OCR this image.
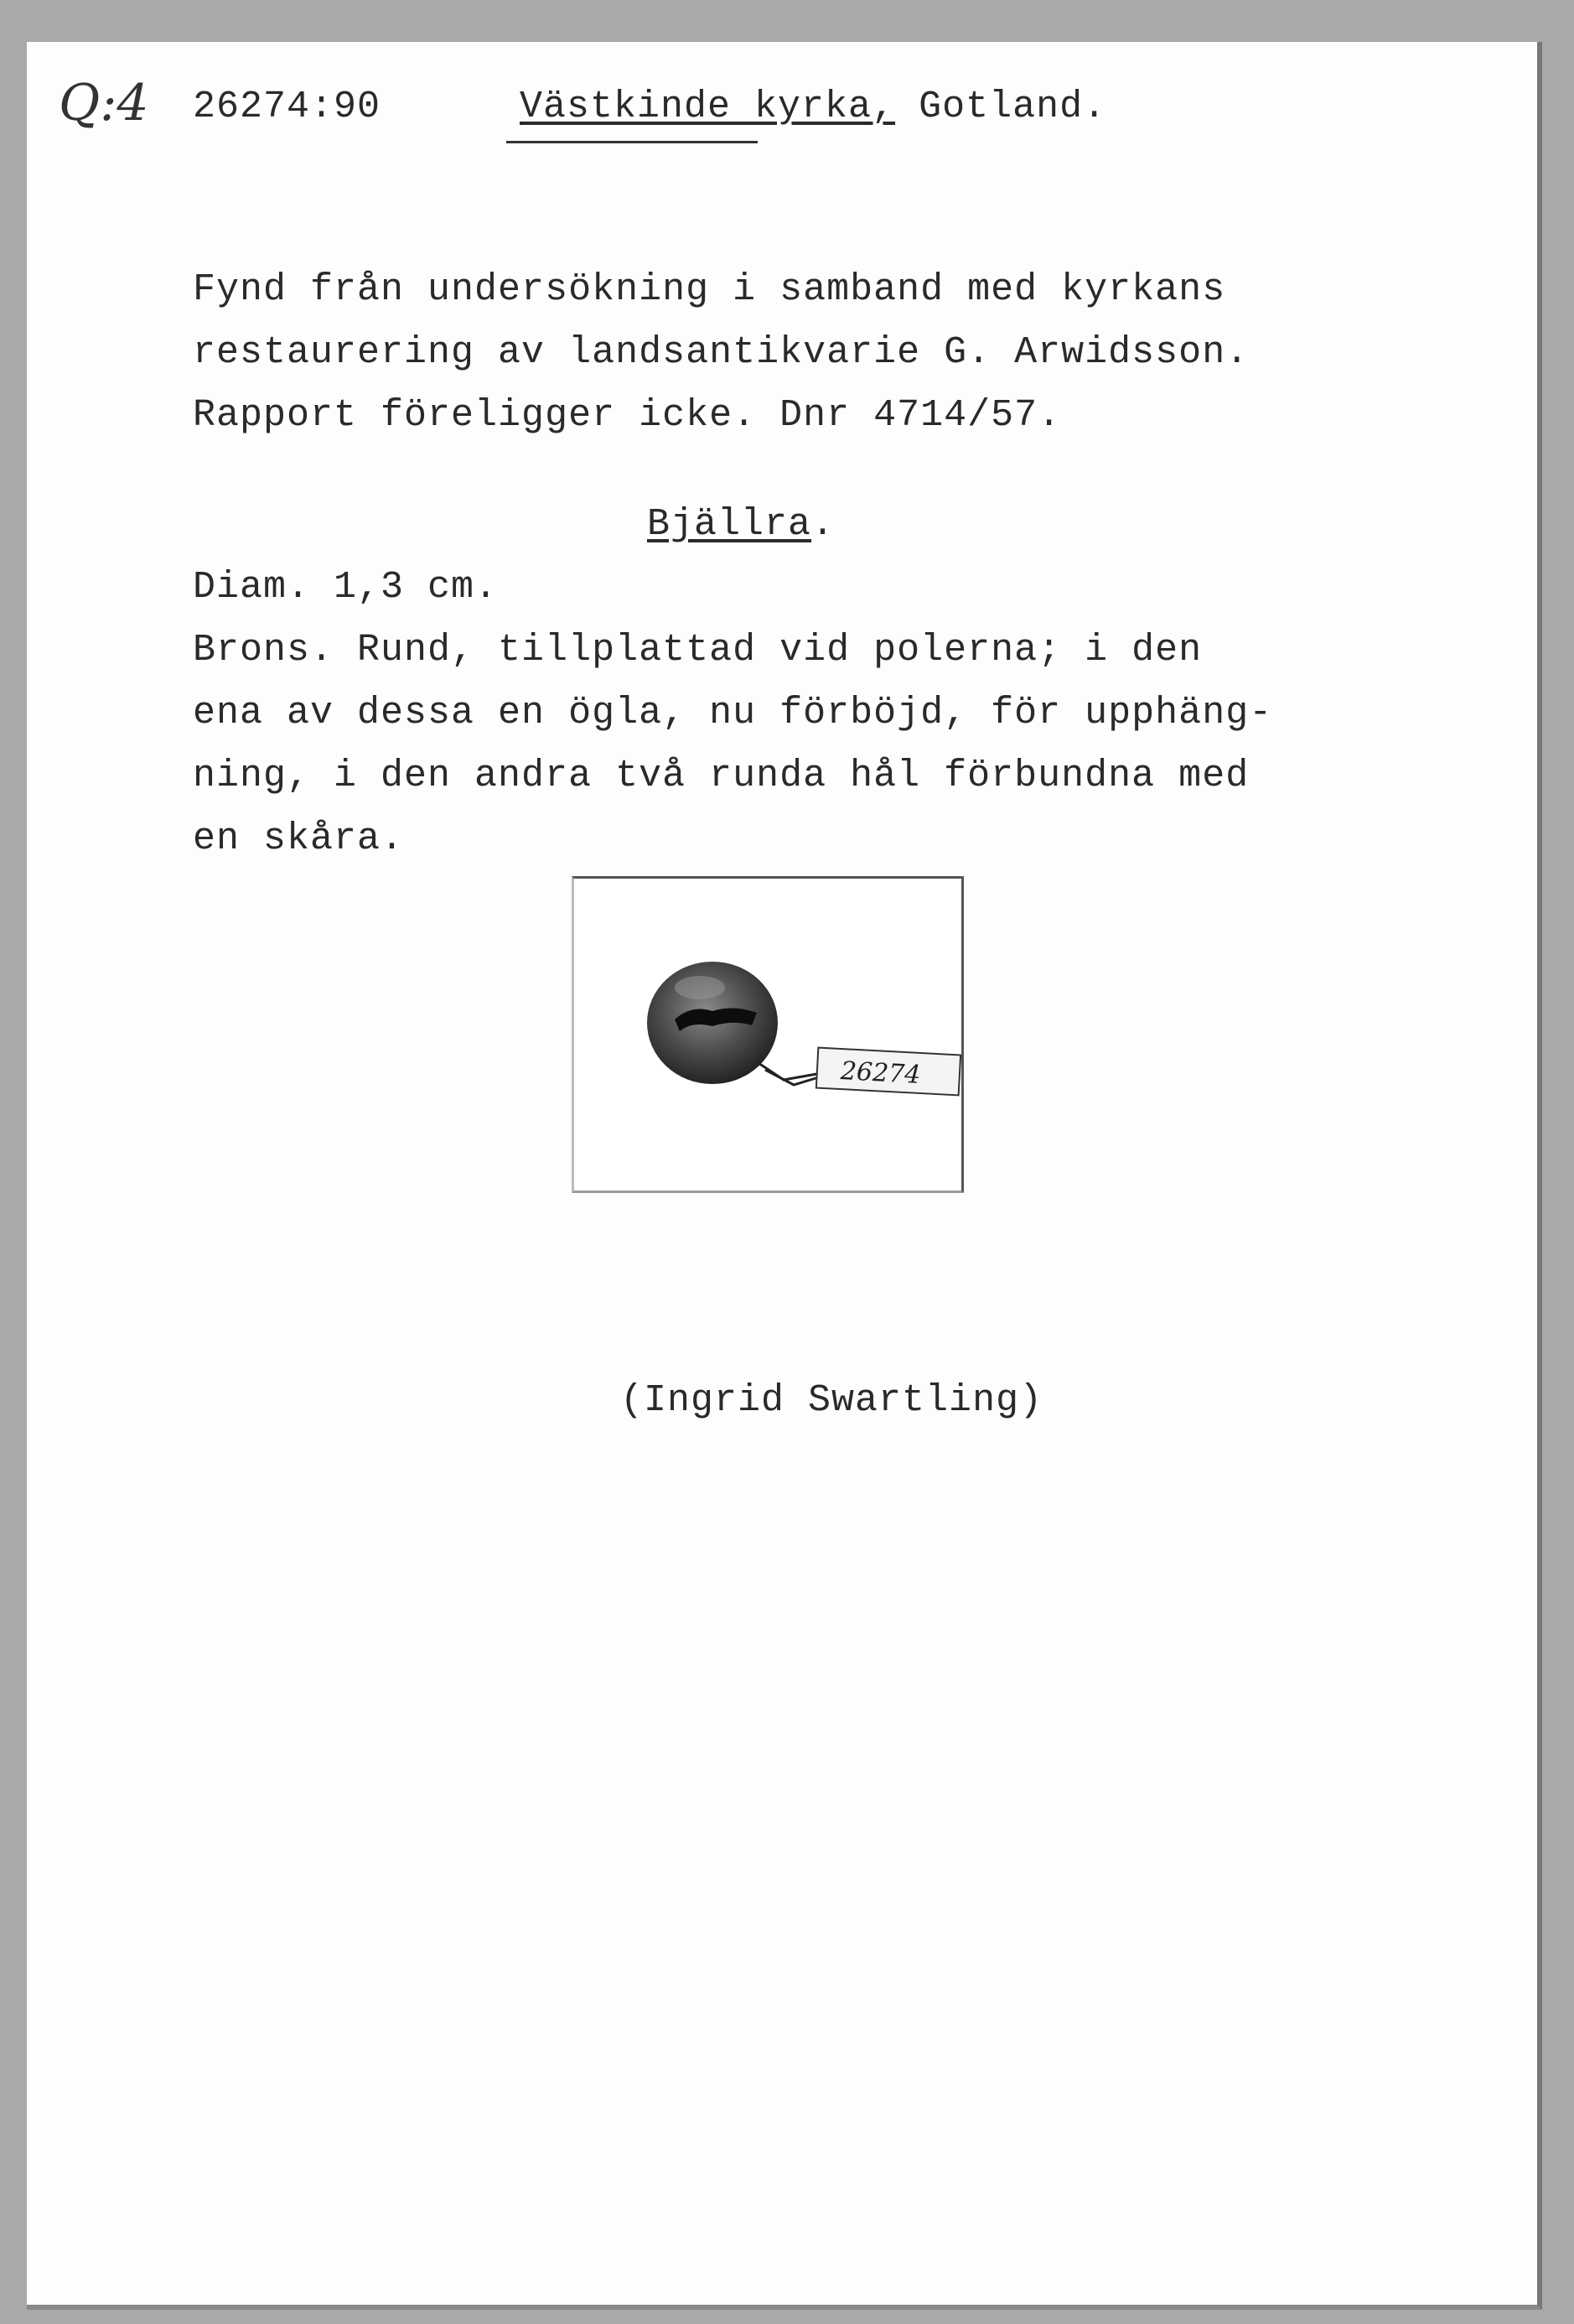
Q:4 26274:90	Västkinde kyrka, Gotland.
Fynd från undersökning i samband med kyrkans
restaurering av landsantikvarie G. Arwidsson.
Rapport föreligger icke. Dnr 4714/57.
Bjällra.
Diam. 1,3 cm.
Brons. Rund, tillplattad vid polerna; i den
ena av dessa en ögla, nu förböjd, för upphäng-
ning, i den andra två runda hål förbundna med
en skåra.
26274
(Ingrid Swartling)
